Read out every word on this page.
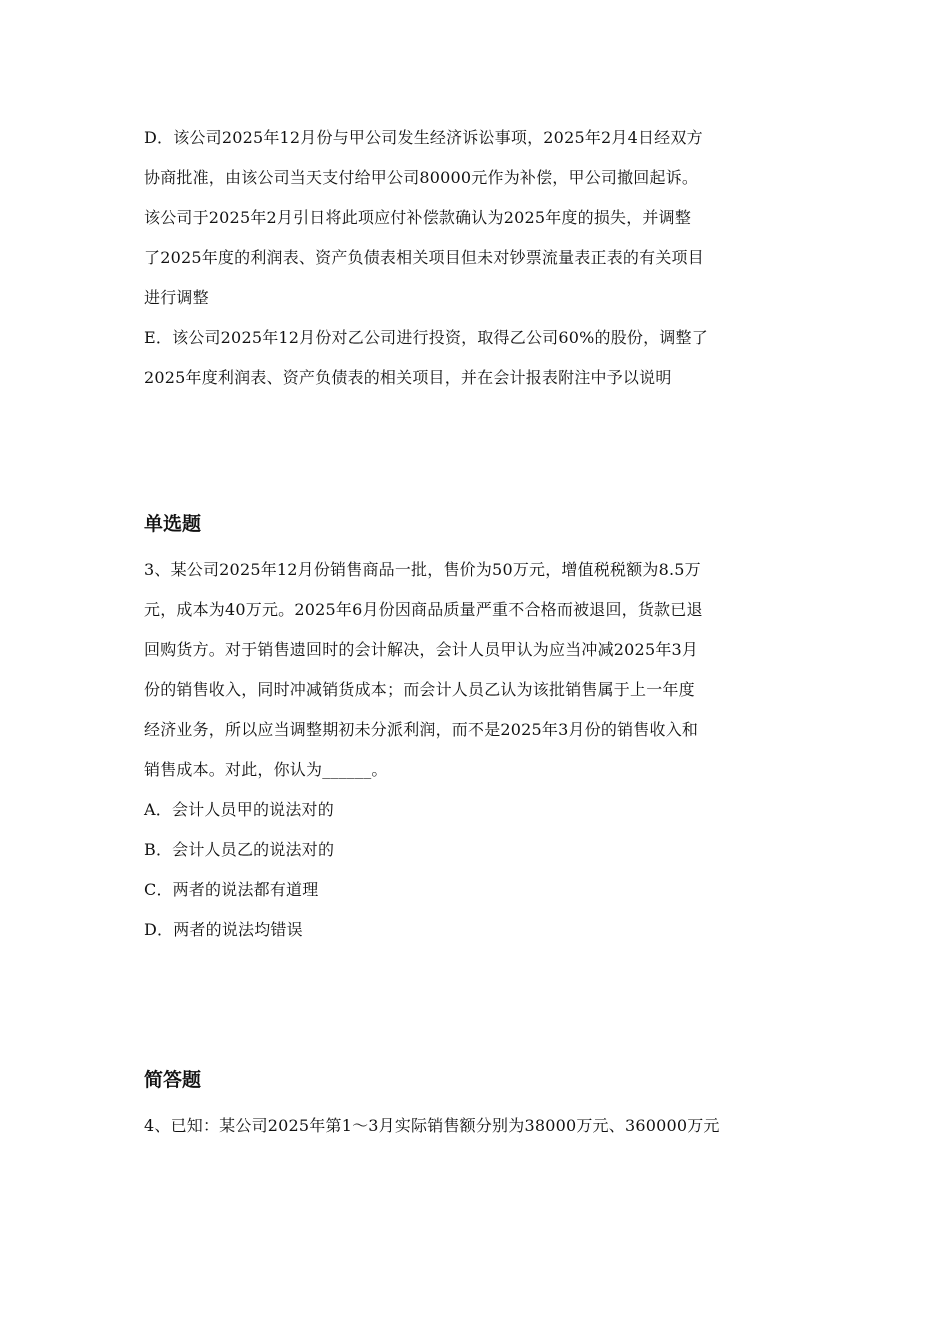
D．该公司2025年12月份与甲公司发生经济诉讼事项，2025年2月4日经双方
协商批准，由该公司当天支付给甲公司80000元作为补偿，甲公司撤回起诉。
该公司于2025年2月引日将此项应付补偿款确认为2025年度的损失，并调整
了2025年度的利润表、资产负债表相关项目但未对钞票流量表正表的有关项目
进行调整
E．该公司2025年12月份对乙公司进行投资，取得乙公司60%的股份，调整了
2025年度利润表、资产负债表的相关项目，并在会计报表附注中予以说明
单选题
3、某公司2025年12月份销售商品一批，售价为50万元，增值税税额为8.5万
元，成本为40万元。2025年6月份因商品质量严重不合格而被退回，货款已退
回购货方。对于销售遗回时的会计解决，会计人员甲认为应当冲减2025年3月
份的销售收入，同时冲减销货成本；而会计人员乙认为该批销售属于上一年度
经济业务，所以应当调整期初未分派利润，而不是2025年3月份的销售收入和
销售成本。对此，你认为______。
A．会计人员甲的说法对的
B．会计人员乙的说法对的
C．两者的说法都有道理
D．两者的说法均错误
简答题
4、已知：某公司2025年第1～3月实际销售额分别为38000万元、360000万元
